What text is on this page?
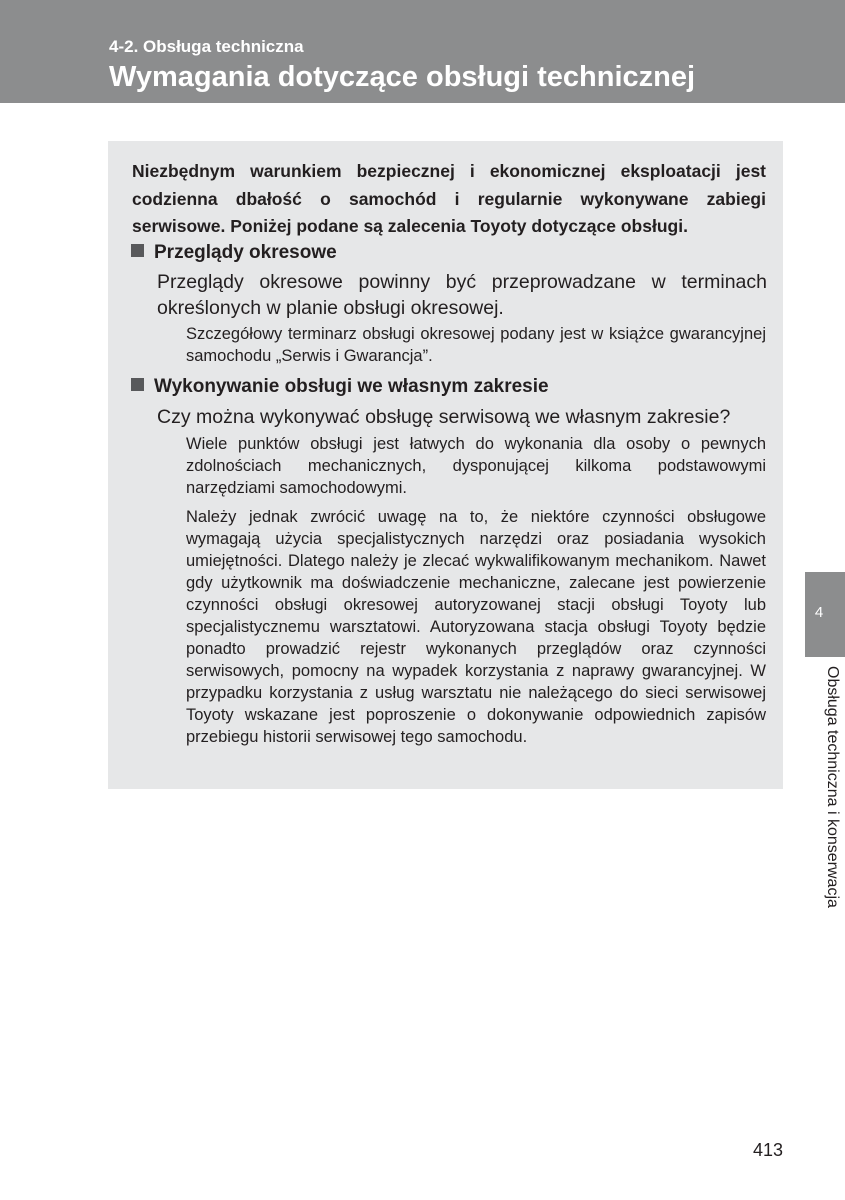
4-2. Obsługa techniczna
Wymagania dotyczące obsługi technicznej
Niezbędnym warunkiem bezpiecznej i ekonomicznej eksploatacji jest codzienna dbałość o samochód i regularnie wykonywane zabiegi serwisowe. Poniżej podane są zalecenia Toyoty dotyczące obsługi.
Przeglądy okresowe
Przeglądy okresowe powinny być przeprowadzane w terminach określonych w planie obsługi okresowej.
Szczegółowy terminarz obsługi okresowej podany jest w książce gwarancyjnej samochodu „Serwis i Gwarancja”.
Wykonywanie obsługi we własnym zakresie
Czy można wykonywać obsługę serwisową we własnym zakresie?
Wiele punktów obsługi jest łatwych do wykonania dla osoby o pewnych zdolnościach mechanicznych, dysponującej kilkoma podstawowymi narzędziami samochodowymi.
Należy jednak zwrócić uwagę na to, że niektóre czynności obsługowe wymagają użycia specjalistycznych narzędzi oraz posiadania wysokich umiejętności. Dlatego należy je zlecać wykwalifikowanym mechanikom. Nawet gdy użytkownik ma doświadczenie mechaniczne, zalecane jest powierzenie czynności obsługi okresowej autoryzowanej stacji obsługi Toyoty lub specjalistycznemu warsztatowi. Autoryzowana stacja obsługi Toyoty będzie ponadto prowadzić rejestr wykonanych przeglądów oraz czynności serwisowych, pomocny na wypadek korzystania z naprawy gwarancyjnej. W przypadku korzystania z usług warsztatu nie należącego do sieci serwisowej Toyoty wskazane jest poproszenie o dokonywanie odpowiednich zapisów przebiegu historii serwisowej tego samochodu.
4
Obsługa techniczna i konserwacja
413
